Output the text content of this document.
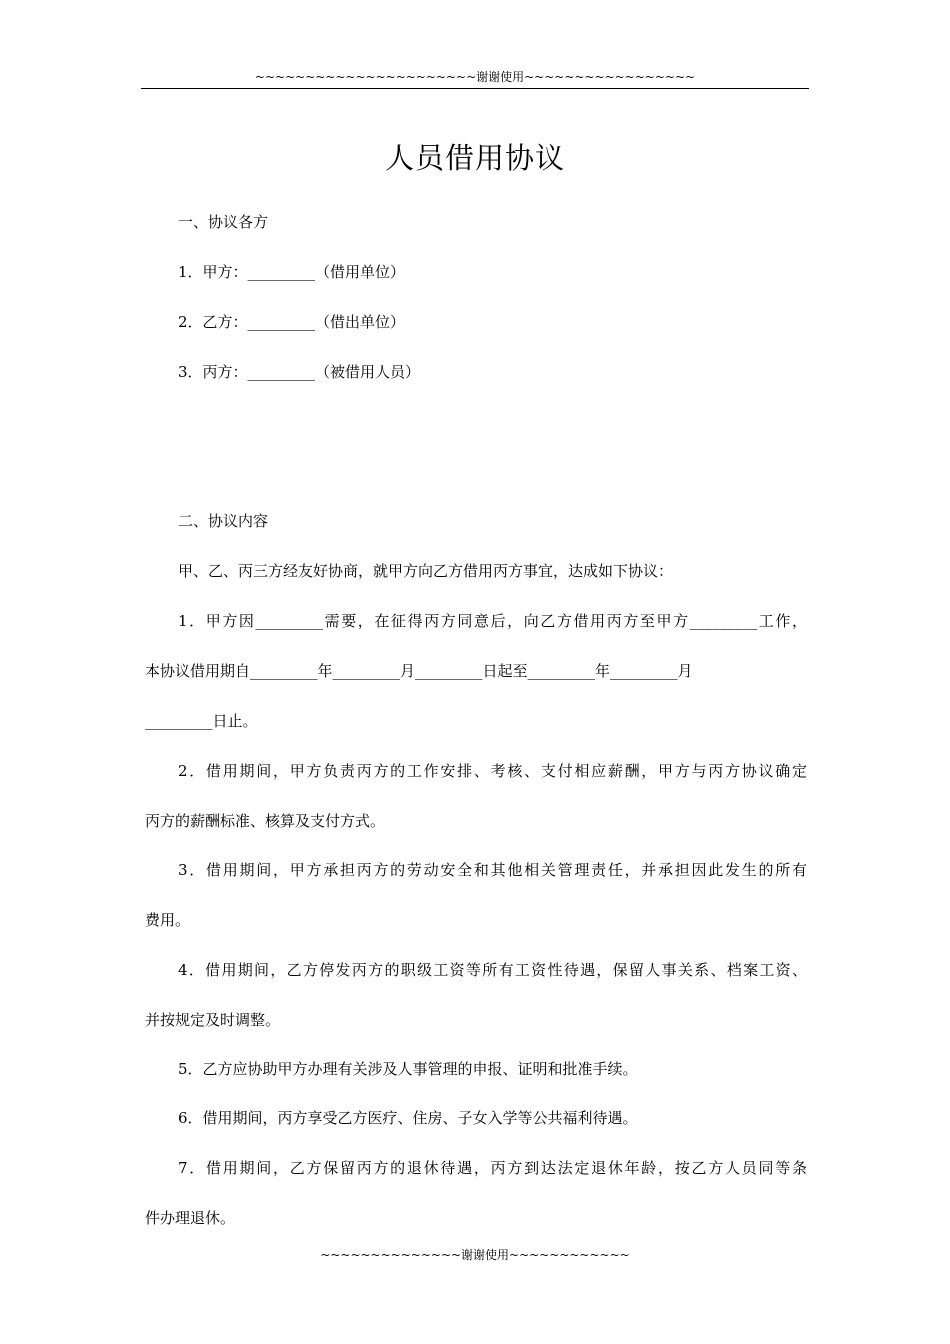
~~~~~~~~~~~~~~~~~~~~~~谢谢使用~~~~~~~~~~~~~~~~~
人员借用协议
一、协议各方
1．甲方：_________（借用单位）
2．乙方：_________（借出单位）
3．丙方：_________（被借用人员）
二、协议内容
甲、乙、丙三方经友好协商，就甲方向乙方借用丙方事宜，达成如下协议：
1．甲方因_________需要，在征得丙方同意后，向乙方借用丙方至甲方_________工作，
本协议借用期自_________年_________月_________日起至_________年_________月
_________日止。
2．借用期间，甲方负责丙方的工作安排、考核、支付相应薪酬，甲方与丙方协议确定
丙方的薪酬标准、核算及支付方式。
3．借用期间，甲方承担丙方的劳动安全和其他相关管理责任，并承担因此发生的所有
费用。
4．借用期间，乙方停发丙方的职级工资等所有工资性待遇，保留人事关系、档案工资、
并按规定及时调整。
5．乙方应协助甲方办理有关涉及人事管理的申报、证明和批准手续。
6．借用期间，丙方享受乙方医疗、住房、子女入学等公共福利待遇。
7．借用期间，乙方保留丙方的退休待遇，丙方到达法定退休年龄，按乙方人员同等条
件办理退休。
~~~~~~~~~~~~~~谢谢使用~~~~~~~~~~~~
